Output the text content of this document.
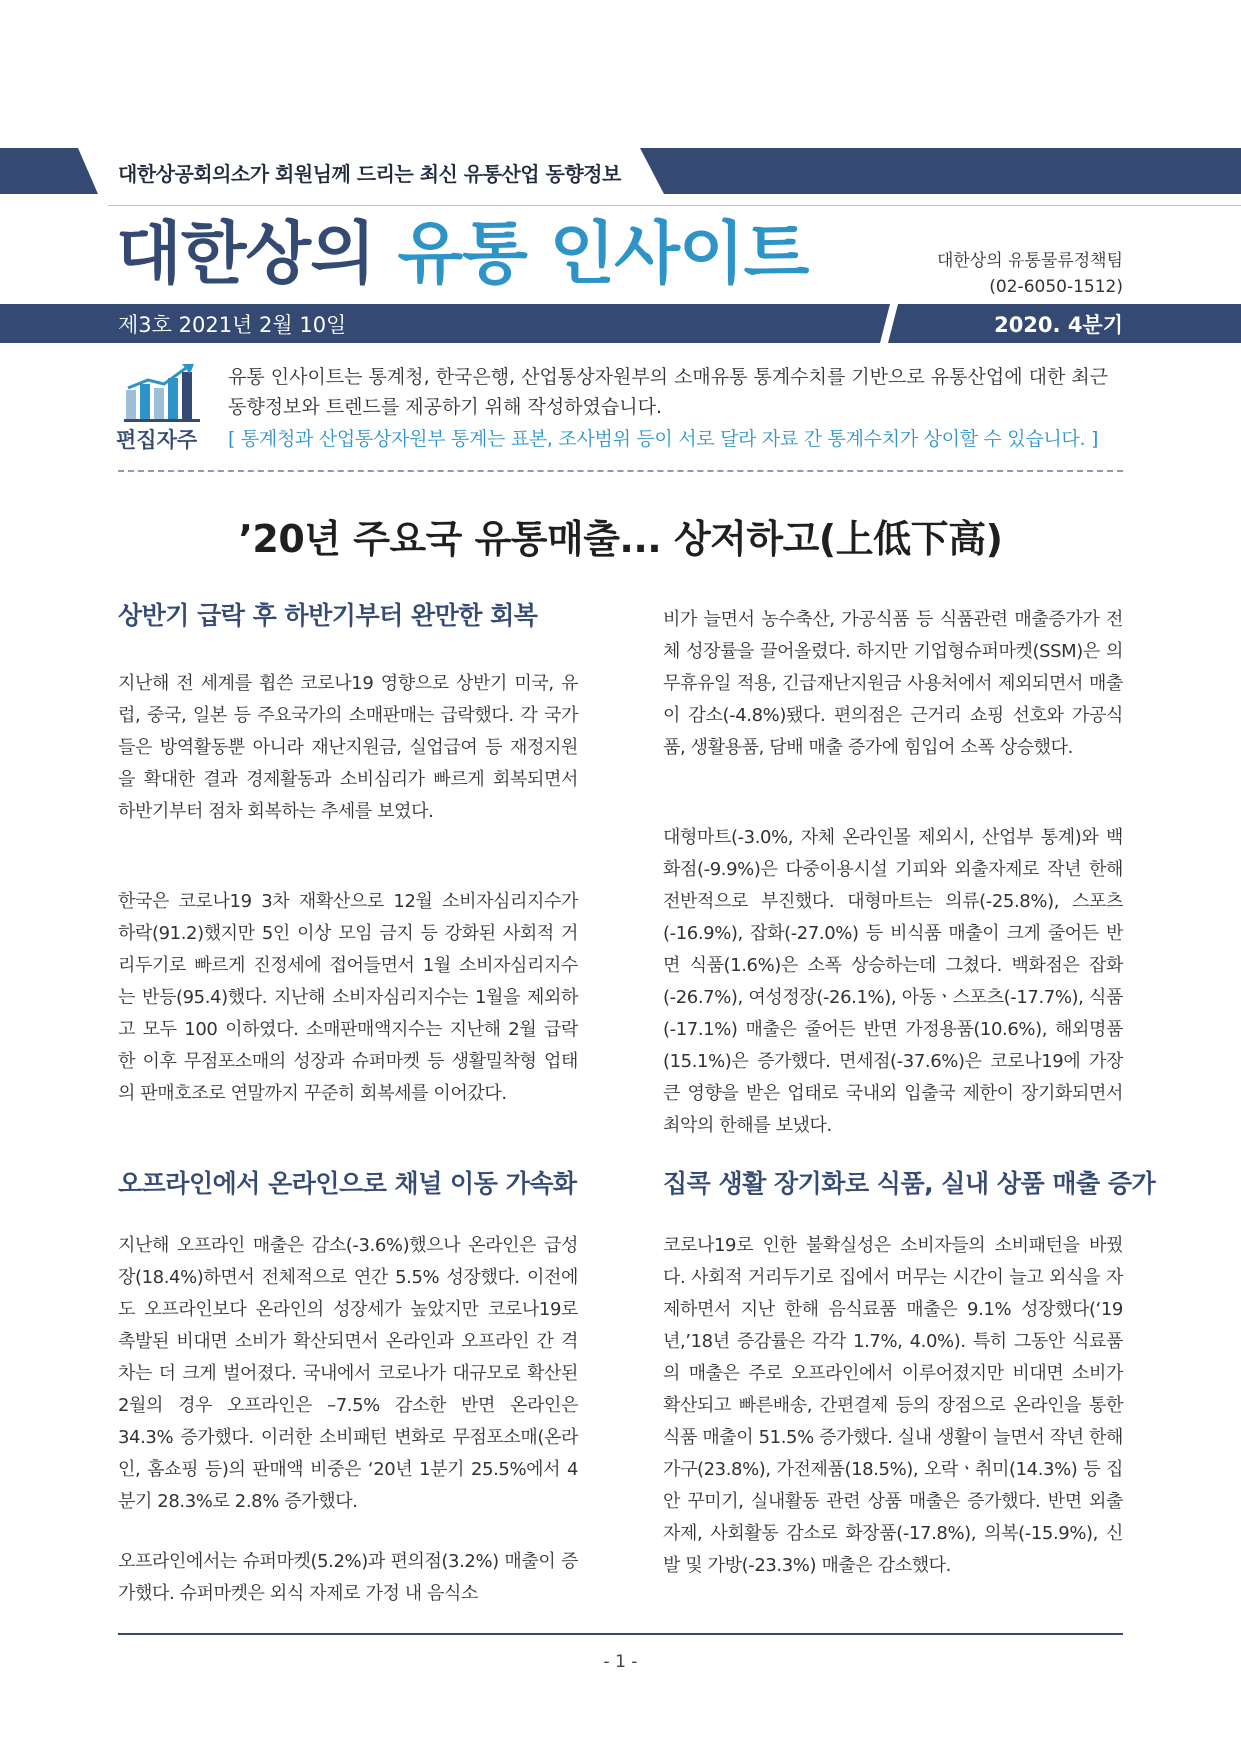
대한상공회의소가 회원님께 드리는 최신 유통산업 동향정보
대한상의 유통 인사이트	대한상의 유통물류정책팀
(02-6050-1512)
제3호 2021년 2월 10일	2020. 4분기
편집자주
유통 인사이트는 통계청, 한국은행, 산업통상자원부의 소매유통 통계수치를 기반으로 유통산업에 대한 최근 동향정보와 트렌드를 제공하기 위해 작성하였습니다.
[ 통계청과 산업통상자원부 통계는 표본, 조사범위 등이 서로 달라 자료 간 통계수치가 상이할 수 있습니다. ]
’20년 주요국 유통매출... 상저하고(上低下高)
상반기 급락 후 하반기부터 완만한 회복
지난해 전 세계를 휩쓴 코로나19 영향으로 상반기 미국, 유럽, 중국, 일본 등 주요국가의 소매판매는 급락했다. 각 국가들은 방역활동뿐 아니라 재난지원금, 실업급여 등 재정지원을 확대한 결과 경제활동과 소비심리가 빠르게 회복되면서 하반기부터 점차 회복하는 추세를 보였다.
한국은 코로나19 3차 재확산으로 12월 소비자심리지수가 하락(91.2)했지만 5인 이상 모임 금지 등 강화된 사회적 거리두기로 빠르게 진정세에 접어들면서 1월 소비자심리지수는 반등(95.4)했다. 지난해 소비자심리지수는 1월을 제외하고 모두 100 이하였다. 소매판매액지수는 지난해 2월 급락한 이후 무점포소매의 성장과 슈퍼마켓 등 생활밀착형 업태의 판매호조로 연말까지 꾸준히 회복세를 이어갔다.
오프라인에서 온라인으로 채널 이동 가속화
지난해 오프라인 매출은 감소(-3.6%)했으나 온라인은 급성장(18.4%)하면서 전체적으로 연간 5.5% 성장했다. 이전에도 오프라인보다 온라인의 성장세가 높았지만 코로나19로 촉발된 비대면 소비가 확산되면서 온라인과 오프라인 간 격차는 더 크게 벌어졌다. 국내에서 코로나가 대규모로 확산된 2월의 경우 오프라인은 –7.5% 감소한 반면 온라인은 34.3% 증가했다. 이러한 소비패턴 변화로 무점포소매(온라인, 홈쇼핑 등)의 판매액 비중은 ‘20년 1분기 25.5%에서 4분기 28.3%로 2.8% 증가했다.
오프라인에서는 슈퍼마켓(5.2%)과 편의점(3.2%) 매출이 증가했다. 슈퍼마켓은 외식 자제로 가정 내 음식소
비가 늘면서 농수축산, 가공식품 등 식품관련 매출증가가 전체 성장률을 끌어올렸다. 하지만 기업형슈퍼마켓(SSM)은 의무휴유일 적용, 긴급재난지원금 사용처에서 제외되면서 매출이 감소(-4.8%)됐다. 편의점은 근거리 쇼핑 선호와 가공식품, 생활용품, 담배 매출 증가에 힘입어 소폭 상승했다.
대형마트(-3.0%, 자체 온라인몰 제외시, 산업부 통계)와 백화점(-9.9%)은 다중이용시설 기피와 외출자제로 작년 한해 전반적으로 부진했다. 대형마트는 의류(-25.8%), 스포츠(-16.9%), 잡화(-27.0%) 등 비식품 매출이 크게 줄어든 반면 식품(1.6%)은 소폭 상승하는데 그쳤다. 백화점은 잡화(-26.7%), 여성정장(-26.1%), 아동ㆍ스포츠(-17.7%), 식품(-17.1%) 매출은 줄어든 반면 가정용품(10.6%), 해외명품(15.1%)은 증가했다. 면세점(-37.6%)은 코로나19에 가장 큰 영향을 받은 업태로 국내외 입출국 제한이 장기화되면서 최악의 한해를 보냈다.
집콕 생활 장기화로 식품, 실내 상품 매출 증가
코로나19로 인한 불확실성은 소비자들의 소비패턴을 바꿨다. 사회적 거리두기로 집에서 머무는 시간이 늘고 외식을 자제하면서 지난 한해 음식료품 매출은 9.1% 성장했다(‘19년,’18년 증감률은 각각 1.7%, 4.0%). 특히 그동안 식료품의 매출은 주로 오프라인에서 이루어졌지만 비대면 소비가 확산되고 빠른배송, 간편결제 등의 장점으로 온라인을 통한 식품 매출이 51.5% 증가했다. 실내 생활이 늘면서 작년 한해 가구(23.8%), 가전제품(18.5%), 오락ㆍ취미(14.3%) 등 집안 꾸미기, 실내활동 관련 상품 매출은 증가했다. 반면 외출자제, 사회활동 감소로 화장품(-17.8%), 의복(-15.9%), 신발 및 가방(-23.3%) 매출은 감소했다.
- 1 -
